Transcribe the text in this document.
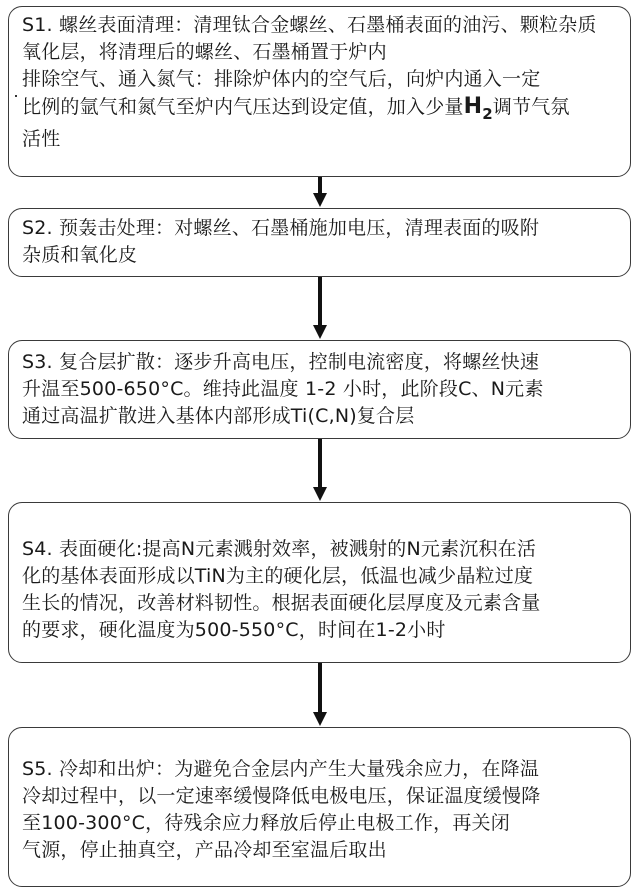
S1. 螺丝表面清理：清理钛合金螺丝、石墨桶表面的油污、颗粒杂质
氧化层，将清理后的螺丝、石墨桶置于炉内
排除空气、通入氮气：排除炉体内的空气后，向炉内通入一定
比例的氩气和氮气至炉内气压达到设定值，加入少量$H_2$调节气氛
活性
S2. 预轰击处理：对螺丝、石墨桶施加电压，清理表面的吸附
杂质和氧化皮
S3. 复合层扩散：逐步升高电压，控制电流密度，将螺丝快速
升温至500-650°C。维持此温度 1-2 小时，此阶段C、N元素
通过高温扩散进入基体内部形成Ti(C,N)复合层
S4. 表面硬化:提高N元素溅射效率，被溅射的N元素沉积在活
化的基体表面形成以TiN为主的硬化层，低温也减少晶粒过度
生长的情况，改善材料韧性。根据表面硬化层厚度及元素含量
的要求，硬化温度为500-550°C，时间在1-2小时
S5. 冷却和出炉：为避免合金层内产生大量残余应力，在降温
冷却过程中，以一定速率缓慢降低电极电压，保证温度缓慢降
至100-300°C，待残余应力释放后停止电极工作，再关闭
气源，停止抽真空，产品冷却至室温后取出
